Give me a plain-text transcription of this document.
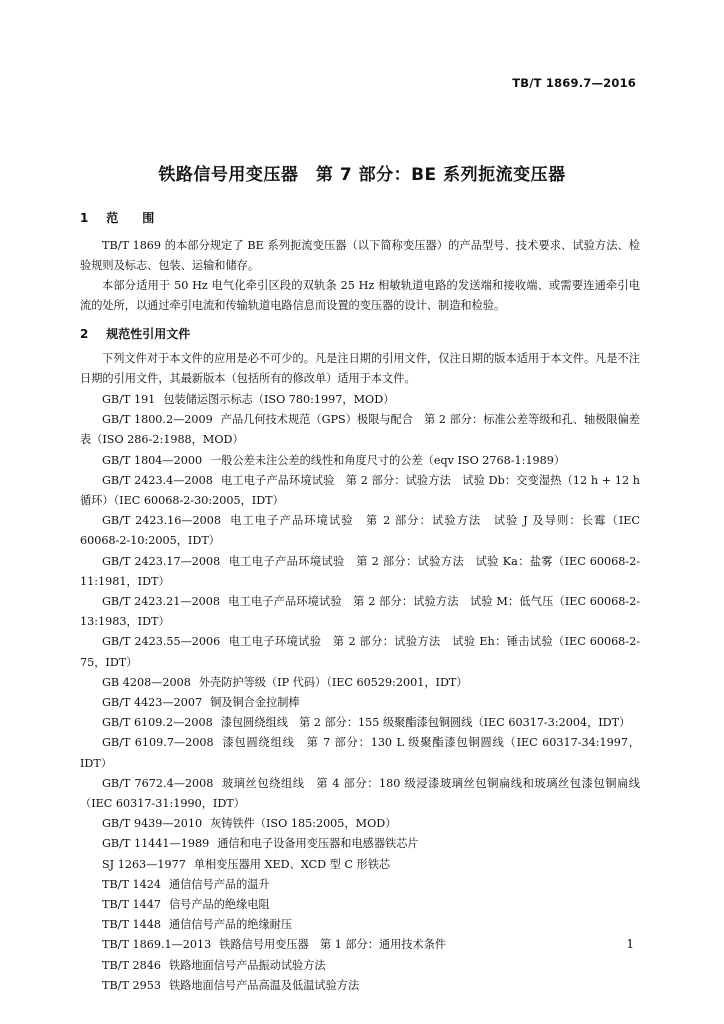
TB/T 1869.7—2016
铁路信号用变压器　第 7 部分：BE 系列扼流变压器
1 范　　围

TB/T 1869 的本部分规定了 BE 系列扼流变压器（以下简称变压器）的产品型号、技术要求、试验方法、检验规则及标志、包装、运输和储存。

本部分适用于 50 Hz 电气化牵引区段的双轨条 25 Hz 相敏轨道电路的发送端和接收端、或需要连通牵引电流的处所，以通过牵引电流和传输轨道电路信息而设置的变压器的设计、制造和检验。

2 规范性引用文件

下列文件对于本文件的应用是必不可少的。凡是注日期的引用文件，仅注日期的版本适用于本文件。凡是不注日期的引用文件，其最新版本（包括所有的修改单）适用于本文件。

GB/T 191 包装储运图示标志（ISO 780:1997，MOD）

GB/T 1800.2—2009 产品几何技术规范（GPS）极限与配合　第 2 部分：标准公差等级和孔、轴极限偏差表（ISO 286-2:1988，MOD）

GB/T 1804—2000 一般公差未注公差的线性和角度尺寸的公差（eqv ISO 2768-1:1989）

GB/T 2423.4—2008 电工电子产品环境试验　第 2 部分：试验方法　试验 Db：交变湿热（12 h + 12 h 循环）（IEC 60068-2-30:2005，IDT）

GB/T 2423.16—2008 电工电子产品环境试验　第 2 部分：试验方法　试验 J 及导则：长霉（IEC 60068-2-10:2005，IDT）

GB/T 2423.17—2008 电工电子产品环境试验　第 2 部分：试验方法　试验 Ka：盐雾（IEC 60068-2-11:1981，IDT）

GB/T 2423.21—2008 电工电子产品环境试验　第 2 部分：试验方法　试验 M：低气压（IEC 60068-2-13:1983，IDT）

GB/T 2423.55—2006 电工电子环境试验　第 2 部分：试验方法　试验 Eh：锤击试验（IEC 60068-2-75，IDT）

GB 4208—2008 外壳防护等级（IP 代码）（IEC 60529:2001，IDT）

GB/T 4423—2007 铜及铜合金拉制棒

GB/T 6109.2—2008 漆包圆绕组线　第 2 部分：155 级聚酯漆包铜圆线（IEC 60317-3:2004，IDT）

GB/T 6109.7—2008 漆包圆绕组线　第 7 部分：130 L 级聚酯漆包铜圆线（IEC 60317-34:1997，IDT）

GB/T 7672.4—2008 玻璃丝包绕组线　第 4 部分：180 级浸漆玻璃丝包铜扁线和玻璃丝包漆包铜扁线（IEC 60317-31:1990，IDT）

GB/T 9439—2010 灰铸铁件（ISO 185:2005，MOD）

GB/T 11441—1989 通信和电子设备用变压器和电感器铁芯片

SJ 1263—1977 单相变压器用 XED、XCD 型 C 形铁芯

TB/T 1424 通信信号产品的温升

TB/T 1447 信号产品的绝缘电阻

TB/T 1448 通信信号产品的绝缘耐压

TB/T 1869.1—2013 铁路信号用变压器　第 1 部分：通用技术条件

TB/T 2846 铁路地面信号产品振动试验方法

TB/T 2953 铁路地面信号产品高温及低温试验方法

1
